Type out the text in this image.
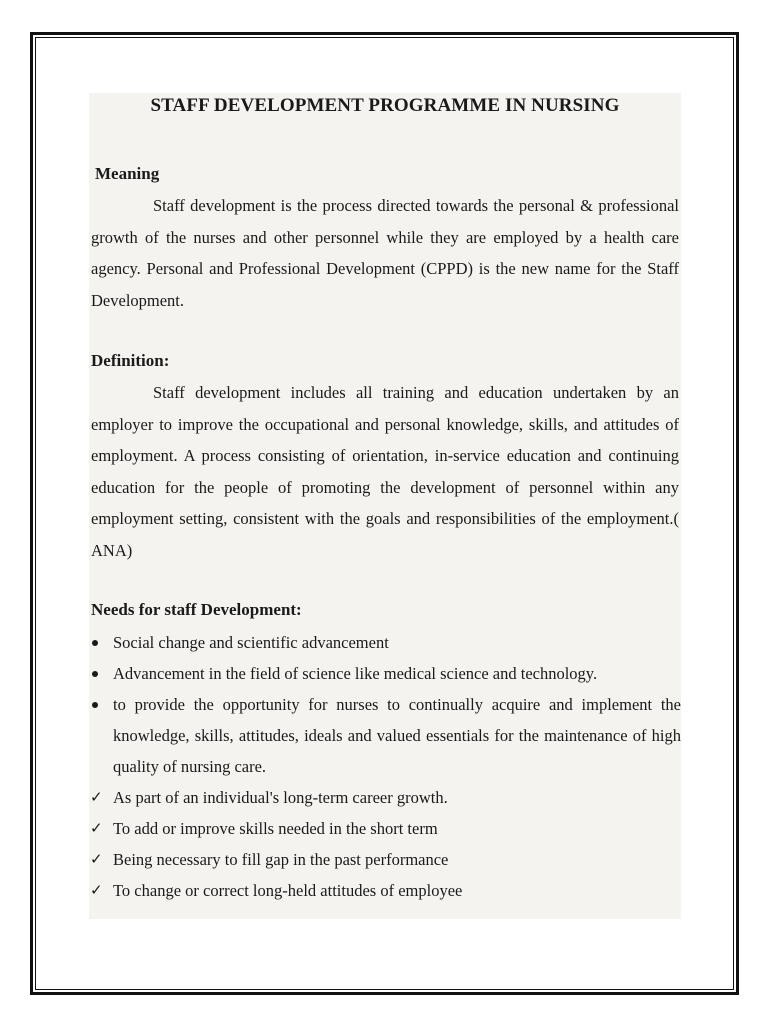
STAFF DEVELOPMENT PROGRAMME IN NURSING
Meaning

Staff development is the process directed towards the personal & professional growth of the nurses and other personnel while they are employed by a health care agency. Personal and Professional Development (CPPD) is the new name for the Staff Development.

Definition:

Staff development includes all training and education undertaken by an employer to improve the occupational and personal knowledge, skills, and attitudes of employment. A process consisting of orientation, in-service education and continuing education for the people of promoting the development of personnel within any employment setting, consistent with the goals and responsibilities of the employment.( ANA)

Needs for staff Development:
Social change and scientific advancement
Advancement in the field of science like medical science and technology.
to provide the opportunity for nurses to continually acquire and implement the knowledge, skills, attitudes, ideals and valued essentials for the maintenance of high quality of nursing care.
✓ As part of an individual's long-term career growth.
✓ To add or improve skills needed in the short term
✓ Being necessary to fill gap in the past performance
✓ To change or correct long-held attitudes of employee
